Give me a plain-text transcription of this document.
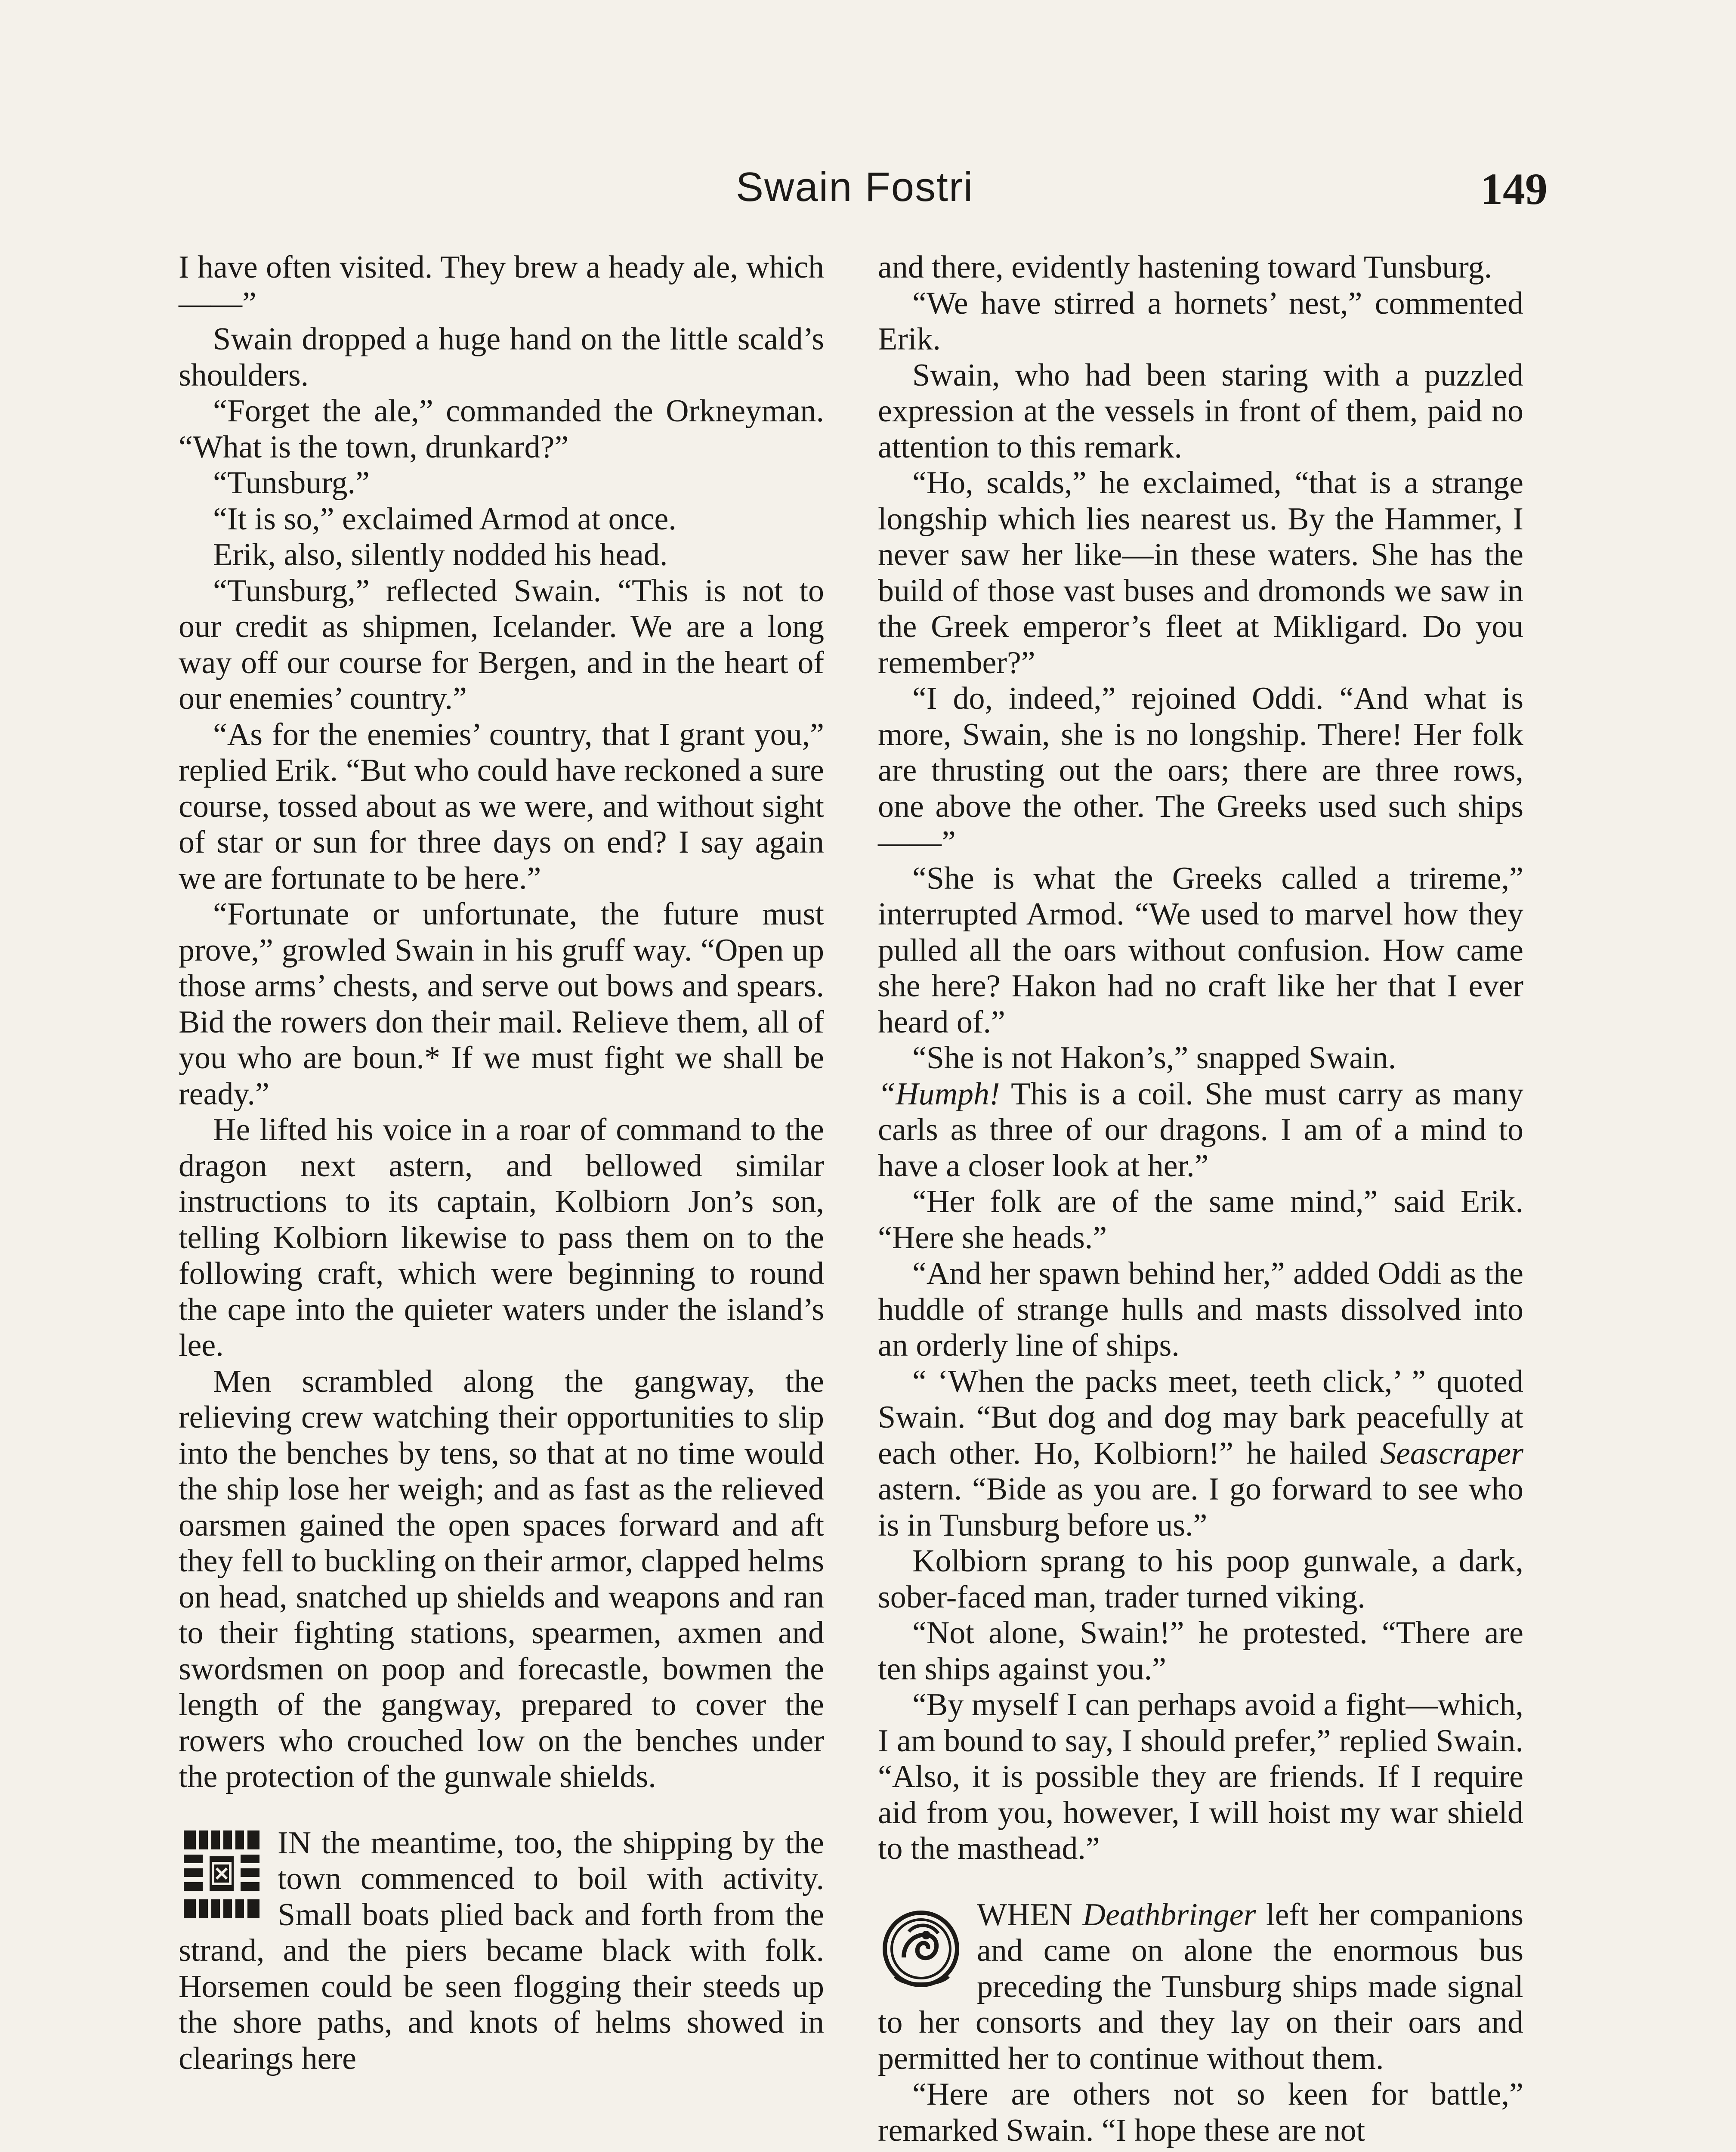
Swain Fostri	149

I have often visited. They brew a heady ale, which——”

Swain dropped a huge hand on the little scald’s shoulders.

“Forget the ale,” commanded the Orkneyman. “What is the town, drunkard?”

“Tunsburg.”

“It is so,” exclaimed Armod at once.

Erik, also, silently nodded his head.

“Tunsburg,” reflected Swain. “This is not to our credit as shipmen, Icelander. We are a long way off our course for Bergen, and in the heart of our enemies’ country.”

“As for the enemies’ country, that I grant you,” replied Erik. “But who could have reckoned a sure course, tossed about as we were, and without sight of star or sun for three days on end? I say again we are fortunate to be here.”

“Fortunate or unfortunate, the future must prove,” growled Swain in his gruff way. “Open up those arms’ chests, and serve out bows and spears. Bid the rowers don their mail. Relieve them, all of you who are boun.* If we must fight we shall be ready.”

He lifted his voice in a roar of command to the dragon next astern, and bellowed similar instructions to its captain, Kolbiorn Jon’s son, telling Kolbiorn likewise to pass them on to the following craft, which were beginning to round the cape into the quieter waters under the island’s lee.

Men scrambled along the gangway, the relieving crew watching their opportunities to slip into the benches by tens, so that at no time would the ship lose her weigh; and as fast as the relieved oarsmen gained the open spaces forward and aft they fell to buckling on their armor, clapped helms on head, snatched up shields and weapons and ran to their fighting stations, spearmen, axmen and swordsmen on poop and forecastle, bowmen the length of the gangway, prepared to cover the rowers who crouched low on the benches under the protection of the gunwale shields.

IN the meantime, too, the shipping by the town commenced to boil with activity. Small boats plied back and forth from the strand, and the piers became black with folk. Horsemen could be seen flogging their steeds up the shore paths, and knots of helms showed in clearings here

and there, evidently hastening toward Tunsburg.

“We have stirred a hornets’ nest,” commented Erik.

Swain, who had been staring with a puzzled expression at the vessels in front of them, paid no attention to this remark.

“Ho, scalds,” he exclaimed, “that is a strange longship which lies nearest us. By the Hammer, I never saw her like—in these waters. She has the build of those vast buses and dromonds we saw in the Greek emperor’s fleet at Mikligard. Do you remember?”

“I do, indeed,” rejoined Oddi. “And what is more, Swain, she is no longship. There! Her folk are thrusting out the oars; there are three rows, one above the other. The Greeks used such ships——”

“She is what the Greeks called a trireme,” interrupted Armod. “We used to marvel how they pulled all the oars without confusion. How came she here? Hakon had no craft like her that I ever heard of.”

“She is not Hakon’s,” snapped Swain.
“Humph! This is a coil. She must carry as many carls as three of our dragons. I am of a mind to have a closer look at her.”

“Her folk are of the same mind,” said Erik. “Here she heads.”

“And her spawn behind her,” added Oddi as the huddle of strange hulls and masts dissolved into an orderly line of ships.

“ ‘When the packs meet, teeth click,’ ” quoted Swain. “But dog and dog may bark peacefully at each other. Ho, Kolbiorn!” he hailed Seascraper astern. “Bide as you are. I go forward to see who is in Tunsburg before us.”

Kolbiorn sprang to his poop gunwale, a dark, sober-faced man, trader turned viking.

“Not alone, Swain!” he protested. “There are ten ships against you.”

“By myself I can perhaps avoid a fight—which, I am bound to say, I should prefer,” replied Swain. “Also, it is possible they are friends. If I require aid from you, however, I will hoist my war shield to the masthead.”

WHEN Deathbringer left her companions and came on alone the enormous bus preceding the Tunsburg ships made signal to her consorts and they lay on their oars and permitted her to continue without them.

“Here are others not so keen for battle,” remarked Swain. “I hope these are not
